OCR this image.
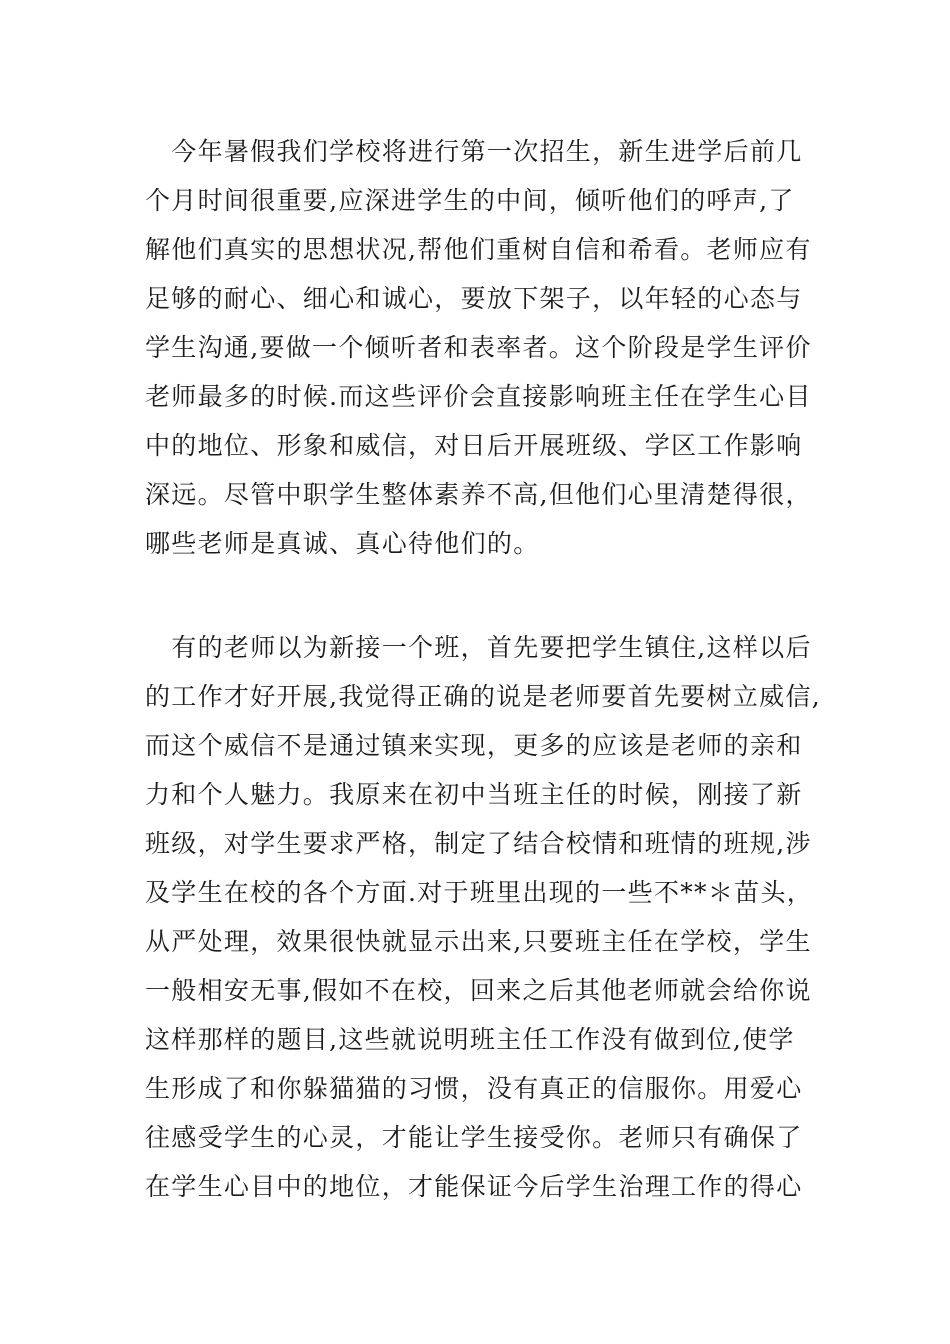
　今年暑假我们学校将进行第一次招生，新生进学后前几
个月时间很重要,应深进学生的中间，倾听他们的呼声,了
解他们真实的思想状况,帮他们重树自信和希看。老师应有
足够的耐心、细心和诚心，要放下架子，以年轻的心态与
学生沟通,要做一个倾听者和表率者。这个阶段是学生评价
老师最多的时候.而这些评价会直接影响班主任在学生心目
中的地位、形象和威信，对日后开展班级、学区工作影响
深远。尽管中职学生整体素养不高,但他们心里清楚得很，
哪些老师是真诚、真心待他们的。
　有的老师以为新接一个班，首先要把学生镇住,这样以后
的工作才好开展,我觉得正确的说是老师要首先要树立威信,
而这个威信不是通过镇来实现，更多的应该是老师的亲和
力和个人魅力。我原来在初中当班主任的时候，刚接了新
班级，对学生要求严格，制定了结合校情和班情的班规,涉
及学生在校的各个方面.对于班里出现的一些不**＊苗头，
从严处理，效果很快就显示出来,只要班主任在学校，学生
一般相安无事,假如不在校，回来之后其他老师就会给你说
这样那样的题目,这些就说明班主任工作没有做到位,使学
生形成了和你躲猫猫的习惯，没有真正的信服你。用爱心
往感受学生的心灵，才能让学生接受你。老师只有确保了
在学生心目中的地位，才能保证今后学生治理工作的得心
